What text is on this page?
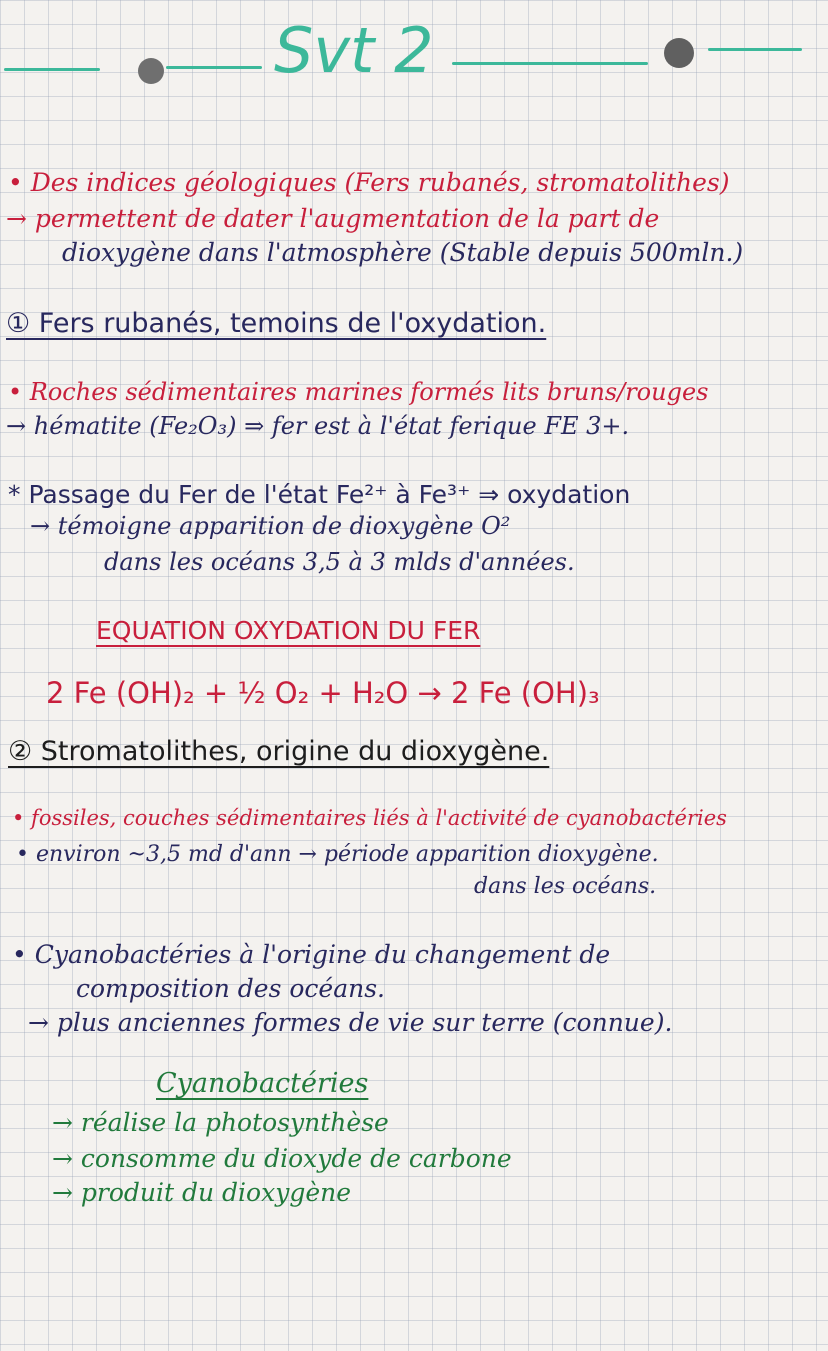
Svt 2
• Des indices géologiques (Fers rubanés, stromatolithes)
→ permettent de dater l'augmentation de la part de
dioxygène dans l'atmosphère (Stable depuis 500mln.)
① Fers rubanés, temoins de l'oxydation.
• Roches sédimentaires marines formés lits bruns/rouges
→ hématite (Fe₂O₃) ⇒ fer est à l'état ferique FE 3+.
* Passage du Fer de l'état Fe²⁺ à Fe³⁺ ⇒ oxydation
→ témoigne apparition de dioxygène O²
dans les océans 3,5 à 3 mlds d'années.
EQUATION OXYDATION DU FER
2 Fe (OH)₂ + ½ O₂ + H₂O → 2 Fe (OH)₃
② Stromatolithes, origine du dioxygène.
• fossiles, couches sédimentaires liés à l'activité de cyanobactéries
• environ ~3,5 md d'ann → période apparition dioxygène.
dans les océans.
• Cyanobactéries à l'origine du changement de
composition des océans.
→ plus anciennes formes de vie sur terre (connue).
Cyanobactéries
→ réalise la photosynthèse
→ consomme du dioxyde de carbone
→ produit du dioxygène
